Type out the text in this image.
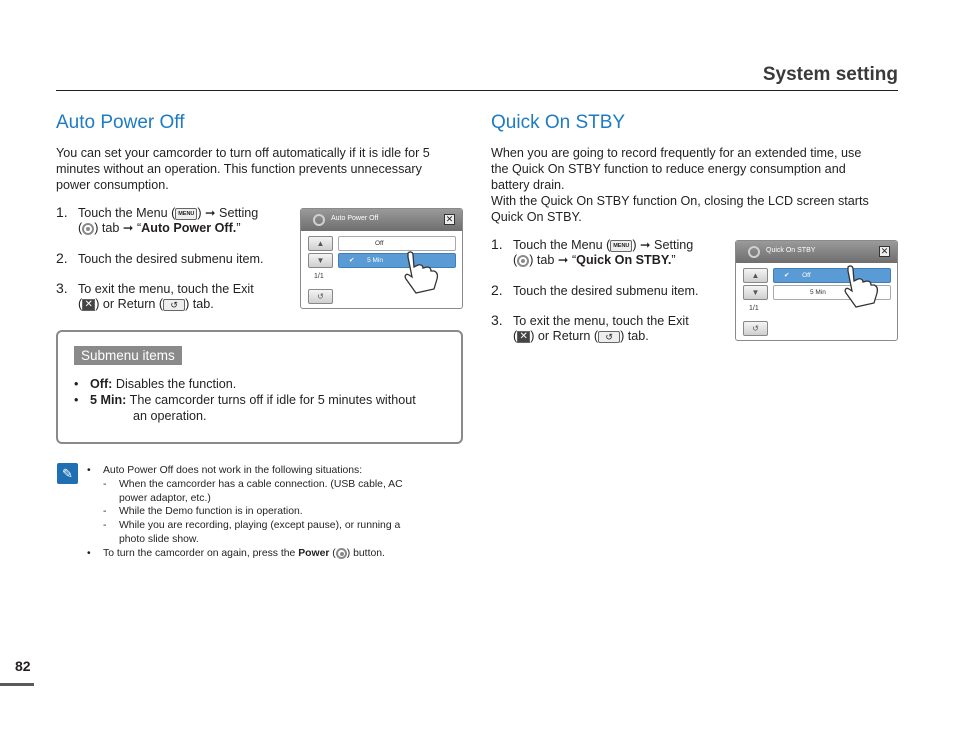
System setting
Auto Power Off
You can set your camcorder to turn off automatically if it is idle for 5
minutes without an operation. This function prevents unnecessary
power consumption.
1. Touch the Menu ( MENU ) ➞ Setting
( ) tab ➞ “Auto Power Off.”
2. Touch the desired submenu item.
3. To exit the menu, touch the Exit
( ✕ ) or Return ( ↺ ) tab.
Auto Power Off	✕
▲
▼
Off
✔ 5 Min
1/1
↺
Submenu items
• Off: Disables the function.
• 5 Min: The camcorder turns off if idle for 5 minutes without
an operation.
✎	• Auto Power Off does not work in the following situations:
- When the camcorder has a cable connection. (USB cable, AC
power adaptor, etc.)
- While the Demo function is in operation.
- While you are recording, playing (except pause), or running a
photo slide show.
• To turn the camcorder on again, press the Power ( ) button.
Quick On STBY
When you are going to record frequently for an extended time, use
the Quick On STBY function to reduce energy consumption and
battery drain.
With the Quick On STBY function On, closing the LCD screen starts
Quick On STBY.
1. Touch the Menu ( MENU ) ➞ Setting
( ) tab ➞ “Quick On STBY.”
2. Touch the desired submenu item.
3. To exit the menu, touch the Exit
( ✕ ) or Return ( ↺ ) tab.
Quick On STBY	✕
▲
▼
✔ Off
5 Min
1/1
↺
82
